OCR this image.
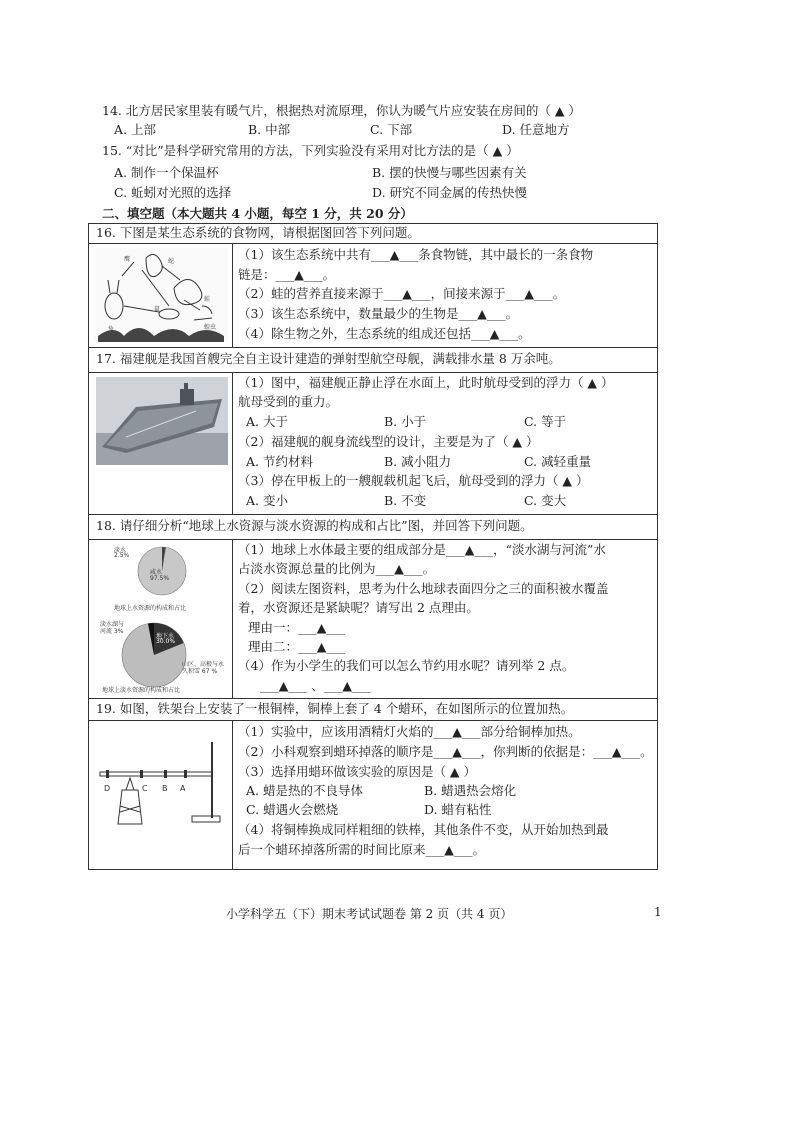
14. 北方居民家里装有暖气片，根据热对流原理，你认为暖气片应安装在房间的（ ▲ ）
A. 上部	B. 中部	C. 下部	D. 任意地方
15. “对比”是科学研究常用的方法，下列实验没有采用对比方法的是（ ▲ ）
A. 制作一个保温杯	B. 摆的快慢与哪些因素有关
C. 蚯蚓对光照的选择	D. 研究不同金属的传热快慢
二、填空题（本大题共 4 小题，每空 1 分，共 20 分）
16. 下图是某生态系统的食物网，请根据图回答下列问题。
鹰	蛇
蛙
兔
鼠
蝗虫
（1）该生态系统中共有___▲___条食物链，其中最长的一条食物
链是：___▲___。
（2）蛙的营养直接来源于___▲___，间接来源于___▲___。
（3）该生态系统中，数量最少的生物是___▲___。
（4）除生物之外，生态系统的组成还包括___▲___。
17. 福建舰是我国首艘完全自主设计建造的弹射型航空母舰，满载排水量 8 万余吨。
（1）图中，福建舰正静止浮在水面上，此时航母受到的浮力（ ▲ ）
航母受到的重力。
A. 大于	B. 小于	C. 等于
（2）福建舰的舰身流线型的设计，主要是为了（ ▲ ）
A. 节约材料	B. 减小阻力	C. 减轻重量
（3）停在甲板上的一艘舰载机起飞后，航母受到的浮力（ ▲ ）
A. 变小	B. 不变	C. 变大
18. 请仔细分析“地球上水资源与淡水资源的构成和占比”图，并回答下列问题。
淡水
2.5%
咸水
97.5%
地球上水资源的构成和占比
淡水湖与
河流 3%
地下水
30.0%
山区、高极与永
久积雪 67 %
地球上淡水资源的构成和占比
（1）地球上水体最主要的组成部分是___▲___，“淡水湖与河流”水
占淡水资源总量的比例为___▲___。
（2）阅读左图资料，思考为什么地球表面四分之三的面积被水覆盖
着，水资源还是紧缺呢？请写出 2 点理由。
理由一：___▲___
理由二：___▲___
（4）作为小学生的我们可以怎么节约用水呢？请列举 2 点。
___▲___ 、___▲___
19. 如图，铁架台上安装了一根铜棒，铜棒上套了 4 个蜡环，在如图所示的位置加热。
D	C B A
（1）实验中，应该用酒精灯火焰的___▲___部分给铜棒加热。
（2）小科观察到蜡环掉落的顺序是___▲___，你判断的依据是：___▲___。
（3）选择用蜡环做该实验的原因是（ ▲ ）
A. 蜡是热的不良导体	B. 蜡遇热会熔化
C. 蜡遇火会燃烧	D. 蜡有粘性
（4）将铜棒换成同样粗细的铁棒，其他条件不变，从开始加热到最
后一个蜡环掉落所需的时间比原来___▲___。
小学科学五（下）期末考试试题卷 第 2 页（共 4 页）	1
